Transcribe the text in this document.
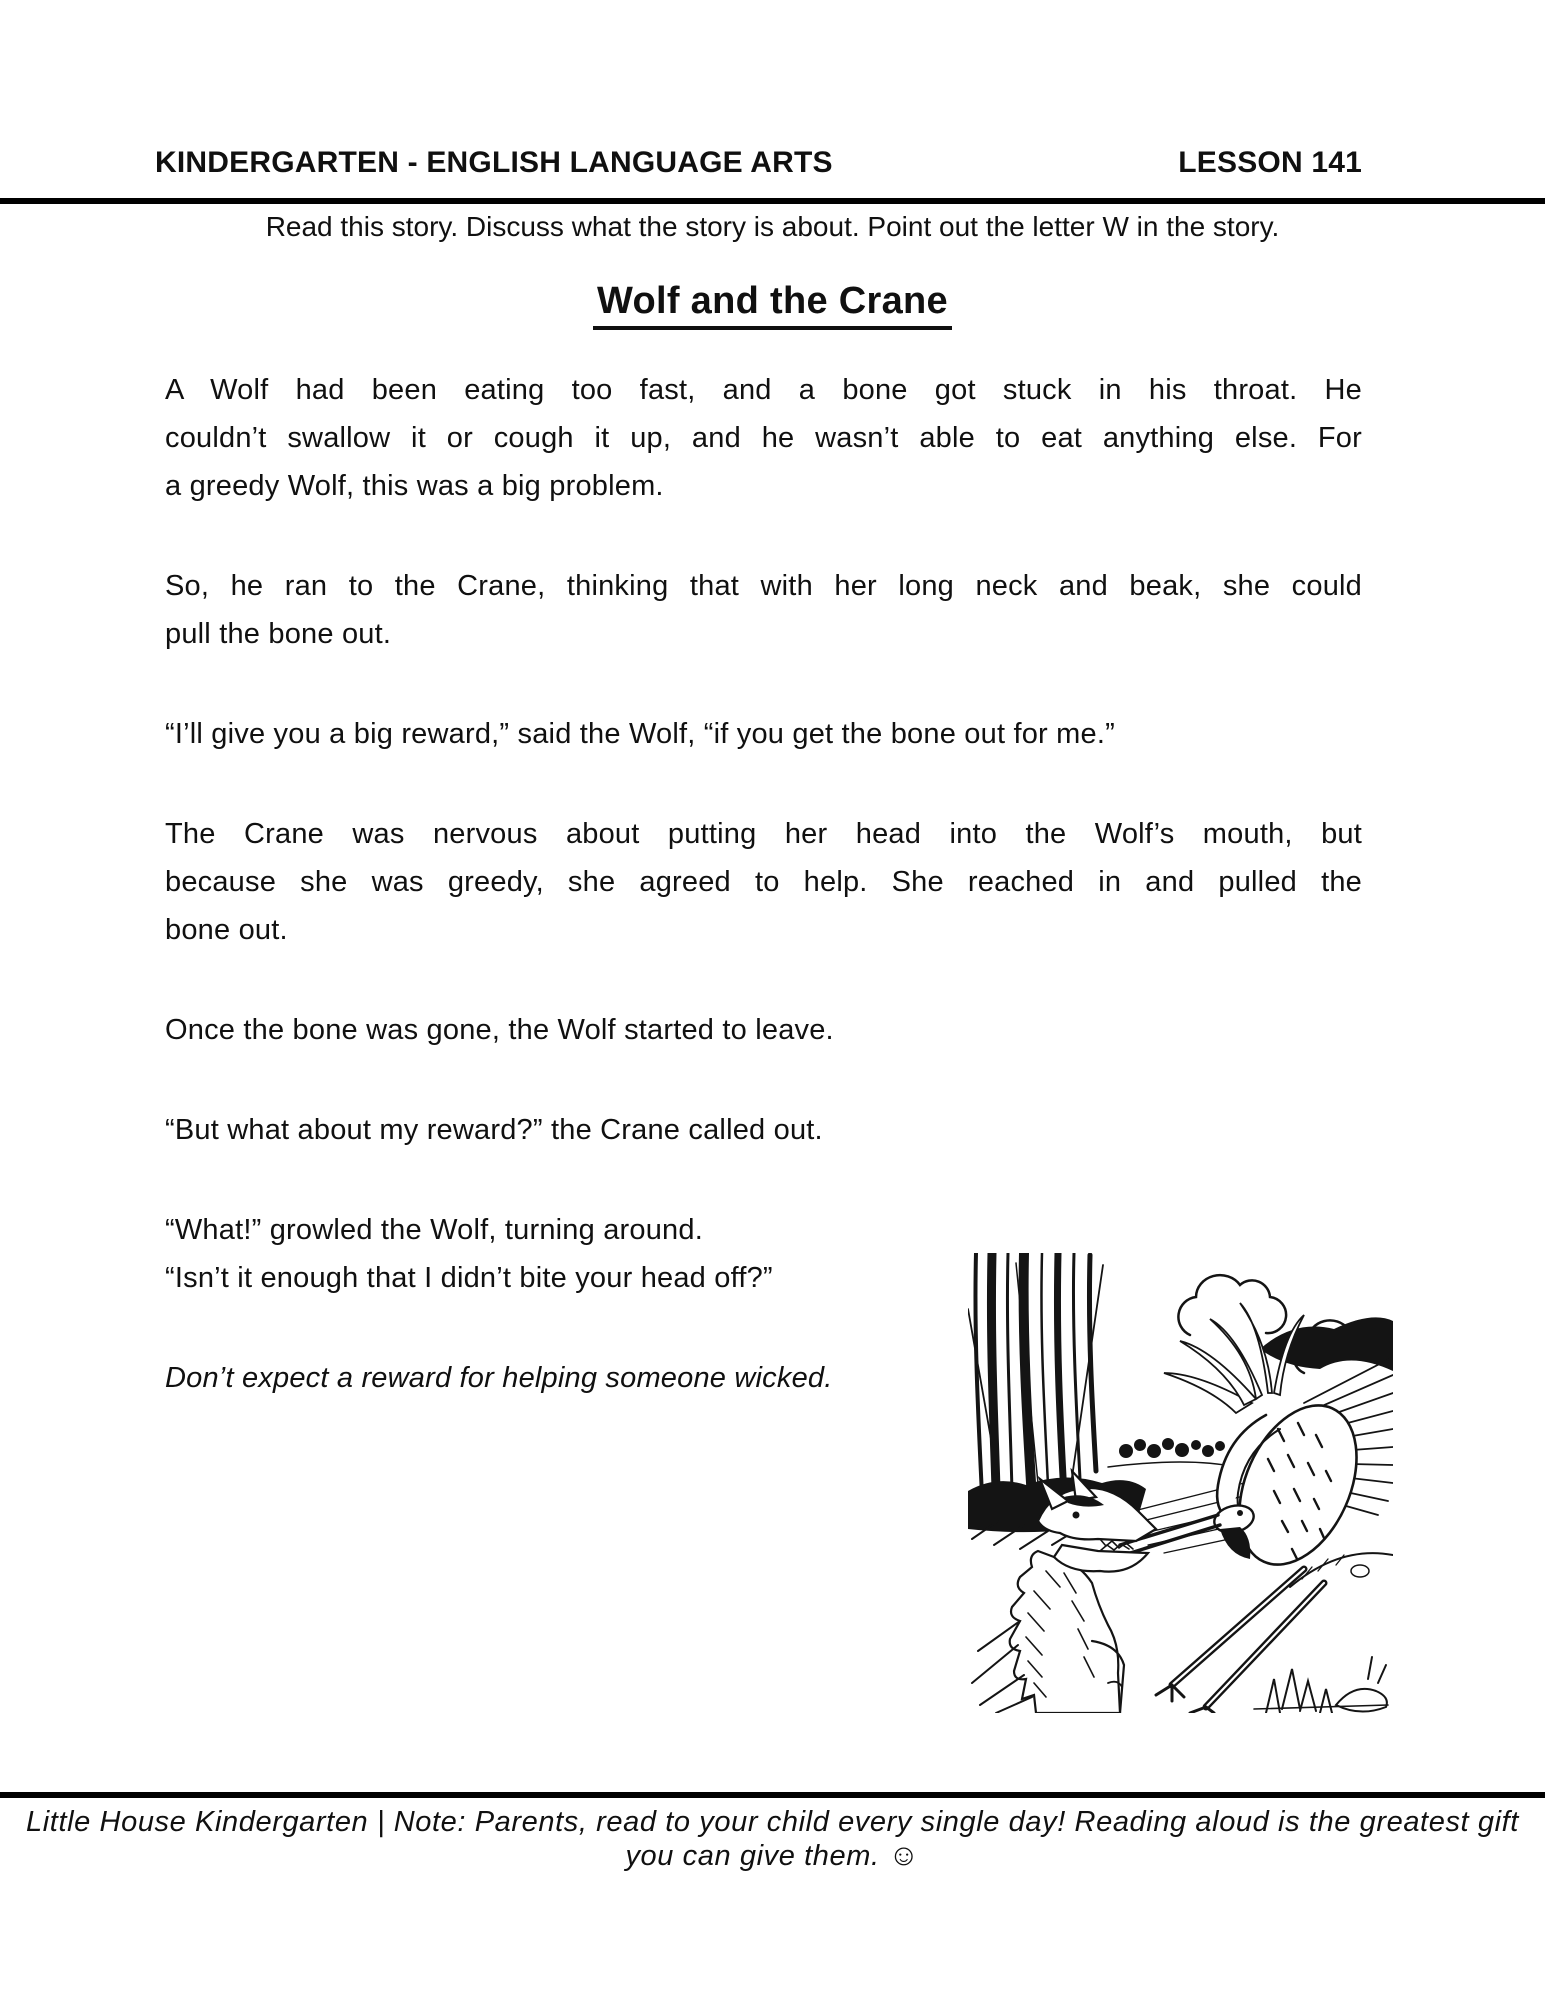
KINDERGARTEN - ENGLISH LANGUAGE ARTS	LESSON 141
Read this story. Discuss what the story is about. Point out the letter W in the story.
Wolf and the Crane

A Wolf had been eating too fast, and a bone got stuck in his throat. He
couldn’t swallow it or cough it up, and he wasn’t able to eat anything else. For
a greedy Wolf, this was a big problem.

So, he ran to the Crane, thinking that with her long neck and beak, she could
pull the bone out.

“I’ll give you a big reward,” said the Wolf, “if you get the bone out for me.”

The Crane was nervous about putting her head into the Wolf’s mouth, but
because she was greedy, she agreed to help. She reached in and pulled the
bone out.

Once the bone was gone, the Wolf started to leave.

“But what about my reward?” the Crane called out.

“What!” growled the Wolf, turning around.
“Isn’t it enough that I didn’t bite your head off?”

Don’t expect a reward for helping someone wicked.

Little House Kindergarten | Note: Parents, read to your child every single day! Reading aloud is the greatest gift you can give them. ☺
